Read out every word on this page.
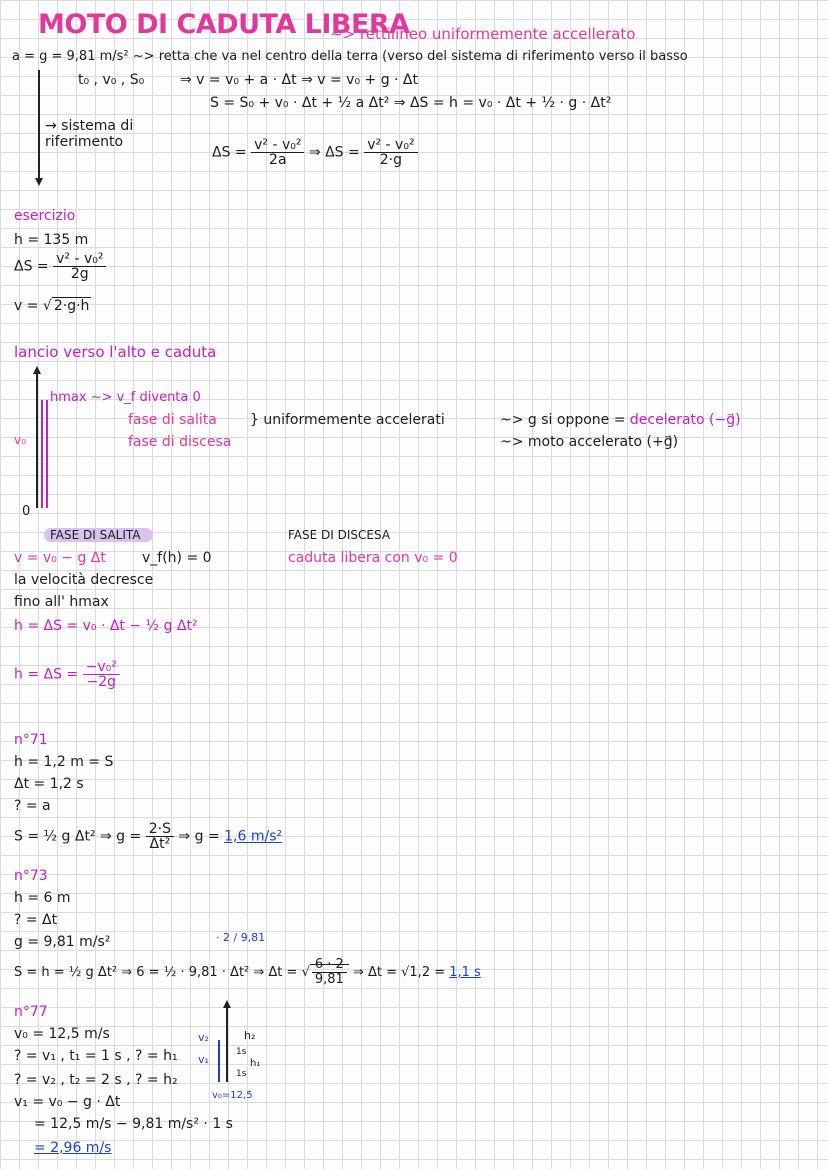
MOTO DI CADUTA LIBERA
~> rettilineo uniformemente accellerato
a = g = 9,81 m/s² ~> retta che va nel centro della terra (verso del sistema di riferimento verso il basso
t₀ , v₀ , S₀	⇒ v = v₀ + a · Δt ⇒ v = v₀ + g · Δt
S = S₀ + v₀ · Δt + ½ a Δt² ⇒ ΔS = h = v₀ · Δt + ½ · g · Δt²
→ sistema di riferimento
$\Delta S = \frac{\text{v² - v₀²}}{2a}$ ⇒ $\Delta S = \frac{\text{v² - v₀²}}{2\cdot g}$
esercizio
h = 135 m
$\Delta S = \frac{\text{v² - v₀²}}{2g}$
v = √ 2·g·h
lancio verso l'alto e caduta
hmax ~> v_f diventa 0
v₀
0
fase di salita
fase di discesa
} uniformemente accelerati	~> g si oppone = decelerato (−g⃗)
~> moto accelerato (+g⃗)
FASE DI SALITA	FASE DI DISCESA
v = v₀ − g Δt	v_f(h) = 0	caduta libera con v₀ = 0
la velocità decresce
fino all' hmax
h = ΔS = v₀ · Δt − ½ g Δt²
$h = \Delta S = \frac{\text{−v₀²}}{-2g}$
n°71
h = 1,2 m = S
Δt = 1,2 s
? = a
S = ½ g Δt² ⇒ $g = \frac{2\cdot S}{\text{Δt²}}$ ⇒ g = 1,6 m/s²
n°73
h = 6 m
? = Δt
g = 9,81 m/s²	· 2 / 9,81
S = h = ½ g Δt² ⇒ 6 = ½ · 9,81 · Δt² ⇒ Δt = √ $\frac{6 \cdot 2}{9,81}$ ⇒ Δt = √1,2 = 1,1 s
n°77
v₀ = 12,5 m/s
? = v₁ , t₁ = 1 s , ? = h₁
? = v₂ , t₂ = 2 s , ? = h₂
v₁ = v₀ − g · Δt
= 12,5 m/s − 9,81 m/s² · 1 s
= 2,96 m/s
v₂
v₁
h₂
1s
h₁
1s
v₀=12,5
